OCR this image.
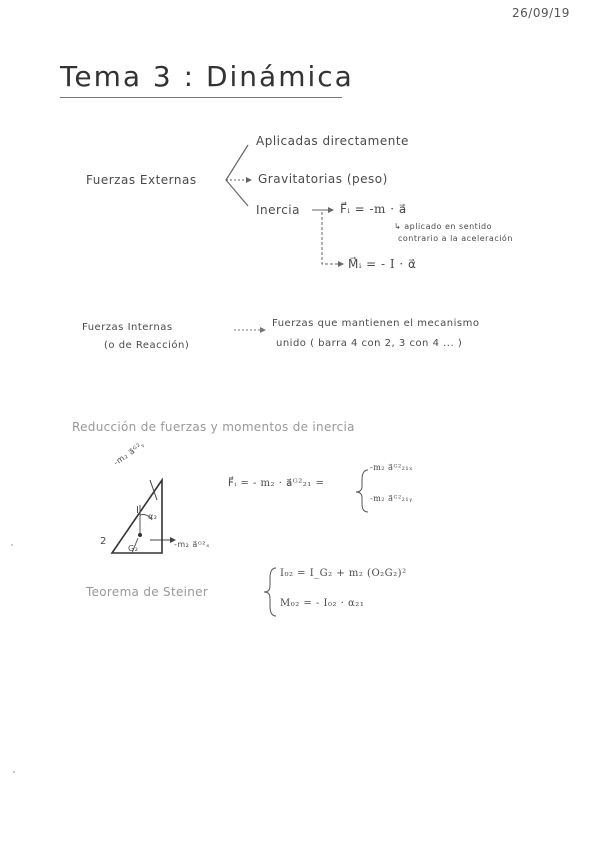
26/09/19
Tema 3 : Dinámica
Fuerzas Externas
Aplicadas directamente
Gravitatorias (peso)
Inercia	F⃗ᵢ = -m · a⃗
↳ aplicado en sentido
contrario a la aceleración
M⃗ᵢ = - I · α⃗
Fuerzas Internas
(o de Reacción)
Fuerzas que mantienen el mecanismo
unido ( barra 4 con 2, 3 con 4 ... )
Reducción de fuerzas y momentos de inercia
-m₂ a⃗ᴳ²ᵧ
I
α₂
2
G₂	-m₂ a⃗ᴳ²ₓ
F⃗ᵢ = - m₂ · a⃗ᴳ²₂₁ =
-m₂ a⃗ᴳ²₂₁ₓ
-m₂ a⃗ᴳ²₂₁ᵧ
Teorema de Steiner
I₀₂ = I_G₂ + m₂ (O₂G₂)²
M₀₂ = - I₀₂ · α₂₁
